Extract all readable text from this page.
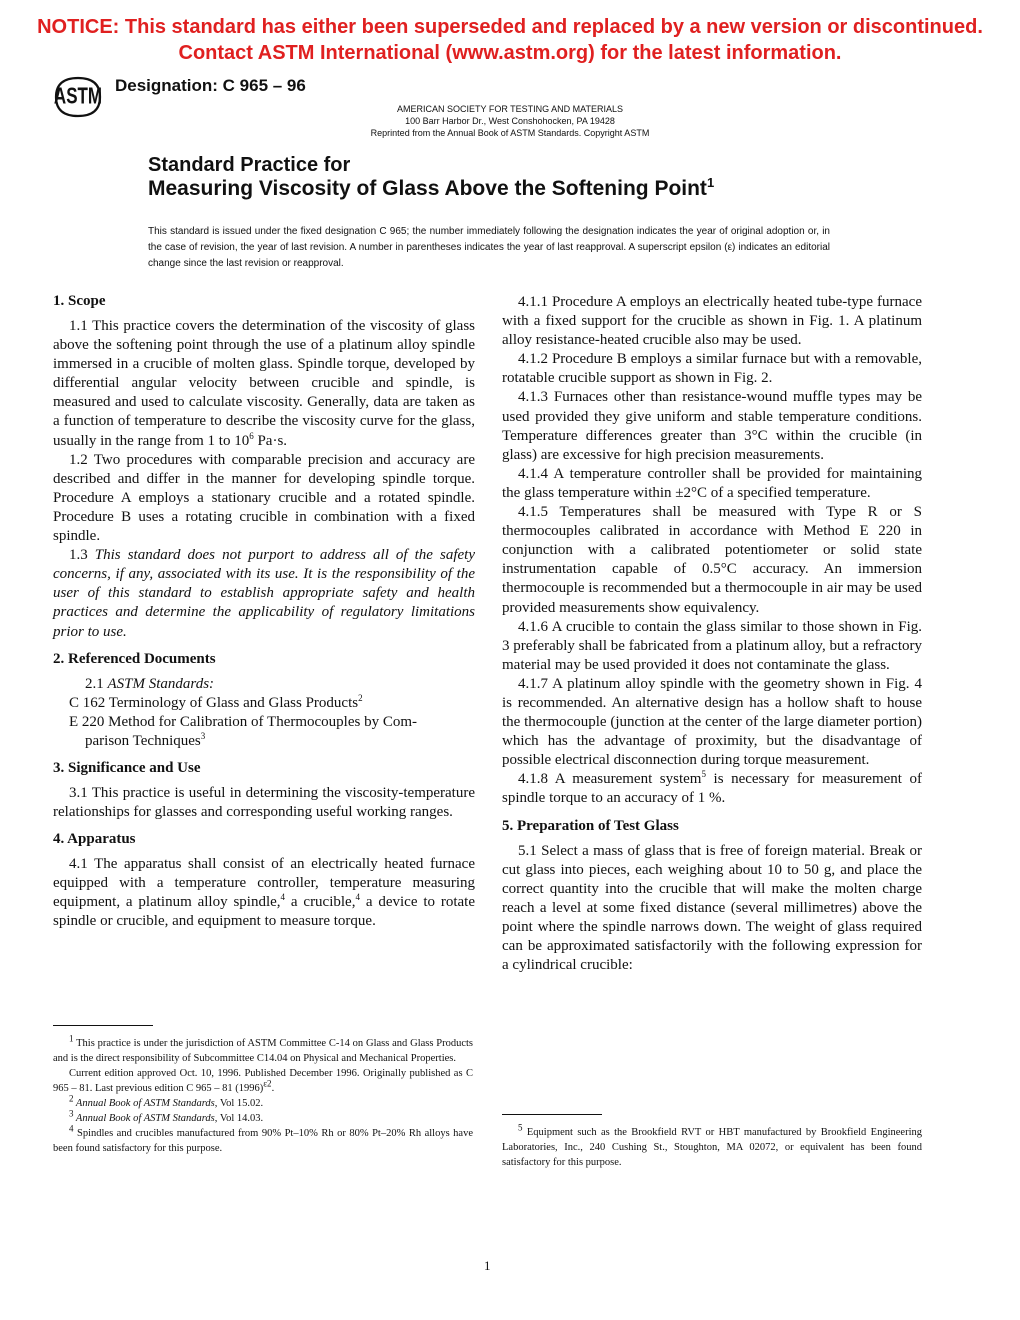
NOTICE: This standard has either been superseded and replaced by a new version or discontinued.
Contact ASTM International (www.astm.org) for the latest information.
ASTM Designation: C 965 – 96
AMERICAN SOCIETY FOR TESTING AND MATERIALS
100 Barr Harbor Dr., West Conshohocken, PA 19428
Reprinted from the Annual Book of ASTM Standards. Copyright ASTM
Standard Practice for
Measuring Viscosity of Glass Above the Softening Point$^1$
This standard is issued under the fixed designation C 965; the number immediately following the designation indicates the year of original adoption or, in the case of revision, the year of last revision. A number in parentheses indicates the year of last reapproval. A superscript epsilon (ε) indicates an editorial change since the last revision or reapproval.
1. Scope

1.1 This practice covers the determination of the viscosity of glass above the softening point through the use of a platinum alloy spindle immersed in a crucible of molten glass. Spindle torque, developed by differential angular velocity between crucible and spindle, is measured and used to calculate viscosity. Generally, data are taken as a function of temperature to describe the viscosity curve for the glass, usually in the range from 1 to $10^6$ Pa·s.

1.2 Two procedures with comparable precision and accuracy are described and differ in the manner for developing spindle torque. Procedure A employs a stationary crucible and a rotated spindle. Procedure B uses a rotating crucible in combination with a fixed spindle.

1.3 This standard does not purport to address all of the safety concerns, if any, associated with its use. It is the responsibility of the user of this standard to establish appropriate safety and health practices and determine the applicability of regulatory limitations prior to use.

2. Referenced Documents

2.1 ASTM Standards:

C 162 Terminology of Glass and Glass Products$^2$

E 220 Method for Calibration of Thermocouples by Com-

parison Techniques$^3$

3. Significance and Use

3.1 This practice is useful in determining the viscosity-temperature relationships for glasses and corresponding useful working ranges.

4. Apparatus

4.1 The apparatus shall consist of an electrically heated furnace equipped with a temperature controller, temperature measuring equipment, a platinum alloy spindle,$^4$ a crucible,$^4$ a device to rotate spindle or crucible, and equipment to measure torque.

$^1$ This practice is under the jurisdiction of ASTM Committee C-14 on Glass and Glass Products and is the direct responsibility of Subcommittee C14.04 on Physical and Mechanical Properties.

Current edition approved Oct. 10, 1996. Published December 1996. Originally published as C 965 – 81. Last previous edition C 965 – 81 $(1996)^{\varepsilon 2}$.

$^2$ Annual Book of ASTM Standards, Vol 15.02.

$^3$ Annual Book of ASTM Standards, Vol 14.03.

$^4$ Spindles and crucibles manufactured from 90% Pt–10% Rh or 80% Pt–20% Rh alloys have been found satisfactory for this purpose.

4.1.1 Procedure A employs an electrically heated tube-type furnace with a fixed support for the crucible as shown in Fig. 1. A platinum alloy resistance-heated crucible also may be used.

4.1.2 Procedure B employs a similar furnace but with a removable, rotatable crucible support as shown in Fig. 2.

4.1.3 Furnaces other than resistance-wound muffle types may be used provided they give uniform and stable temperature conditions. Temperature differences greater than 3°C within the crucible (in glass) are excessive for high precision measurements.

4.1.4 A temperature controller shall be provided for maintaining the glass temperature within ±2°C of a specified temperature.

4.1.5 Temperatures shall be measured with Type R or S thermocouples calibrated in accordance with Method E 220 in conjunction with a calibrated potentiometer or solid state instrumentation capable of 0.5°C accuracy. An immersion thermocouple is recommended but a thermocouple in air may be used provided measurements show equivalency.

4.1.6 A crucible to contain the glass similar to those shown in Fig. 3 preferably shall be fabricated from a platinum alloy, but a refractory material may be used provided it does not contaminate the glass.

4.1.7 A platinum alloy spindle with the geometry shown in Fig. 4 is recommended. An alternative design has a hollow shaft to house the thermocouple (junction at the center of the large diameter portion) which has the advantage of proximity, but the disadvantage of possible electrical disconnection during torque measurement.

4.1.8 A measurement system$^5$ is necessary for measurement of spindle torque to an accuracy of 1 %.

5. Preparation of Test Glass

5.1 Select a mass of glass that is free of foreign material. Break or cut glass into pieces, each weighing about 10 to 50 g, and place the correct quantity into the crucible that will make the molten charge reach a level at some fixed distance (several millimetres) above the point where the spindle narrows down. The weight of glass required can be approximated satisfactorily with the following expression for a cylindrical crucible:

$^5$ Equipment such as the Brookfield RVT or HBT manufactured by Brookfield Engineering Laboratories, Inc., 240 Cushing St., Stoughton, MA 02072, or equivalent has been found satisfactory for this purpose.

1
